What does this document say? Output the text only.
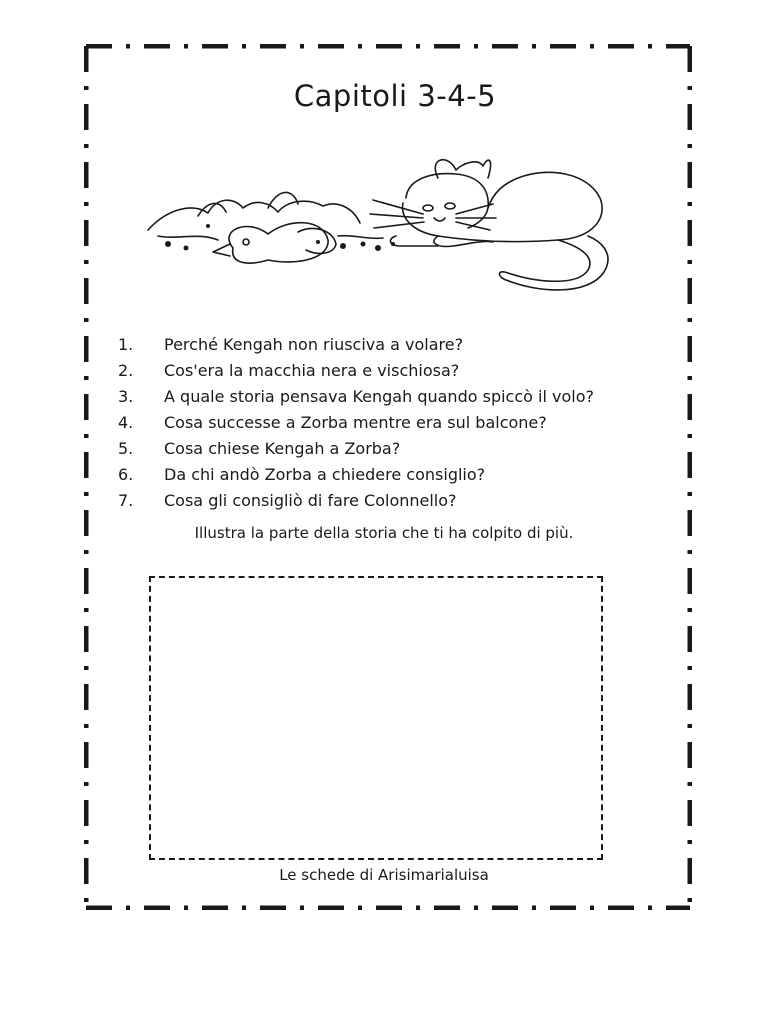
Capitoli 3-4-5
1. Perché Kengah non riusciva a volare?
2. Cos'era la macchia nera e vischiosa?
3. A quale storia pensava Kengah quando spiccò il volo?
4. Cosa successe a Zorba mentre era sul balcone?
5. Cosa chiese Kengah a Zorba?
6. Da chi andò Zorba a chiedere consiglio?
7. Cosa gli consigliò di fare Colonnello?
Illustra la parte della storia che ti ha colpito di più.
Le schede di Arisimarialuisa
